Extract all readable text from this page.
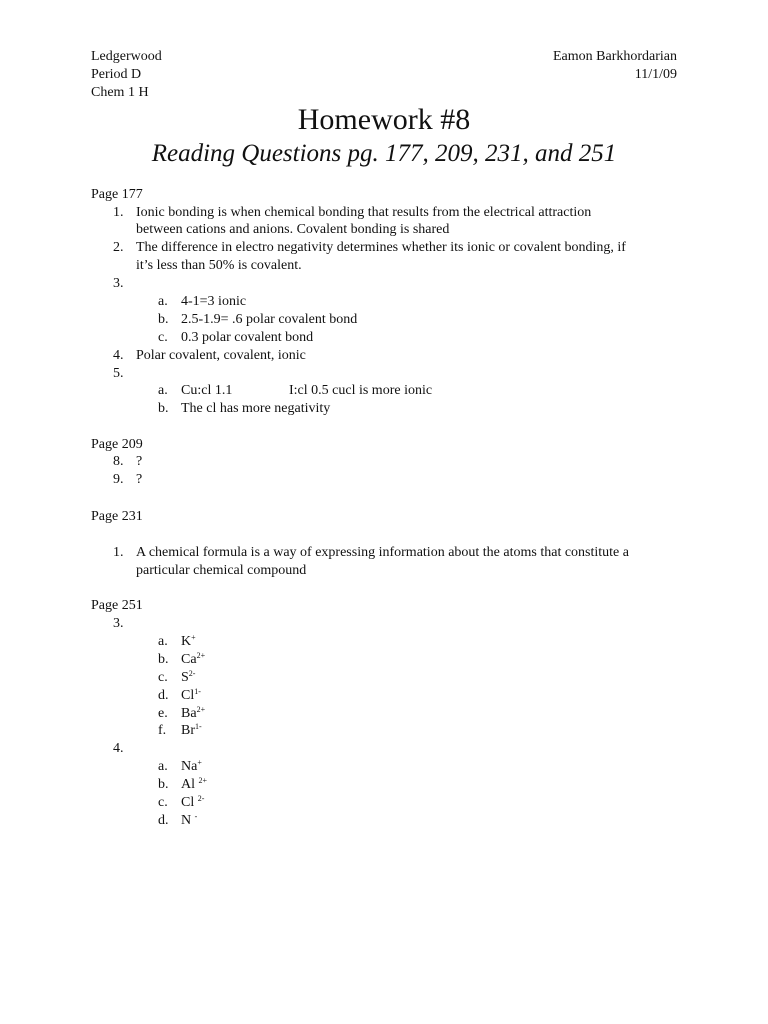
Ledgerwood
Period D
Chem 1 H
Eamon Barkhordarian
11/1/09
Homework #8
Reading Questions pg. 177, 209, 231, and 251
Page 177
1. Ionic bonding is when chemical bonding that results from the electrical attraction
between cations and anions. Covalent bonding is shared
2. The difference in electro negativity determines whether its ionic or covalent bonding, if
it’s less than 50% is covalent.
3.
a. 4-1=3 ionic
b. 2.5-1.9= .6 polar covalent bond
c. 0.3 polar covalent bond
4. Polar covalent, covalent, ionic
5.
a. Cu:cl 1.1	I:cl 0.5 cucl is more ionic
b. The cl has more negativity
Page 209
8. ?
9. ?
Page 231
1. A chemical formula is a way of expressing information about the atoms that constitute a
particular chemical compound
Page 251
3.
a. K+
b. $Ca^{2+}$
c. $S^{2-}$
d. $Cl^{1-}$
e. $Ba^{2+}$
f. $Br^{1-}$
4.
a. Na+
b. Al $^{2+}$
c. Cl $^{2-}$
d. N -
